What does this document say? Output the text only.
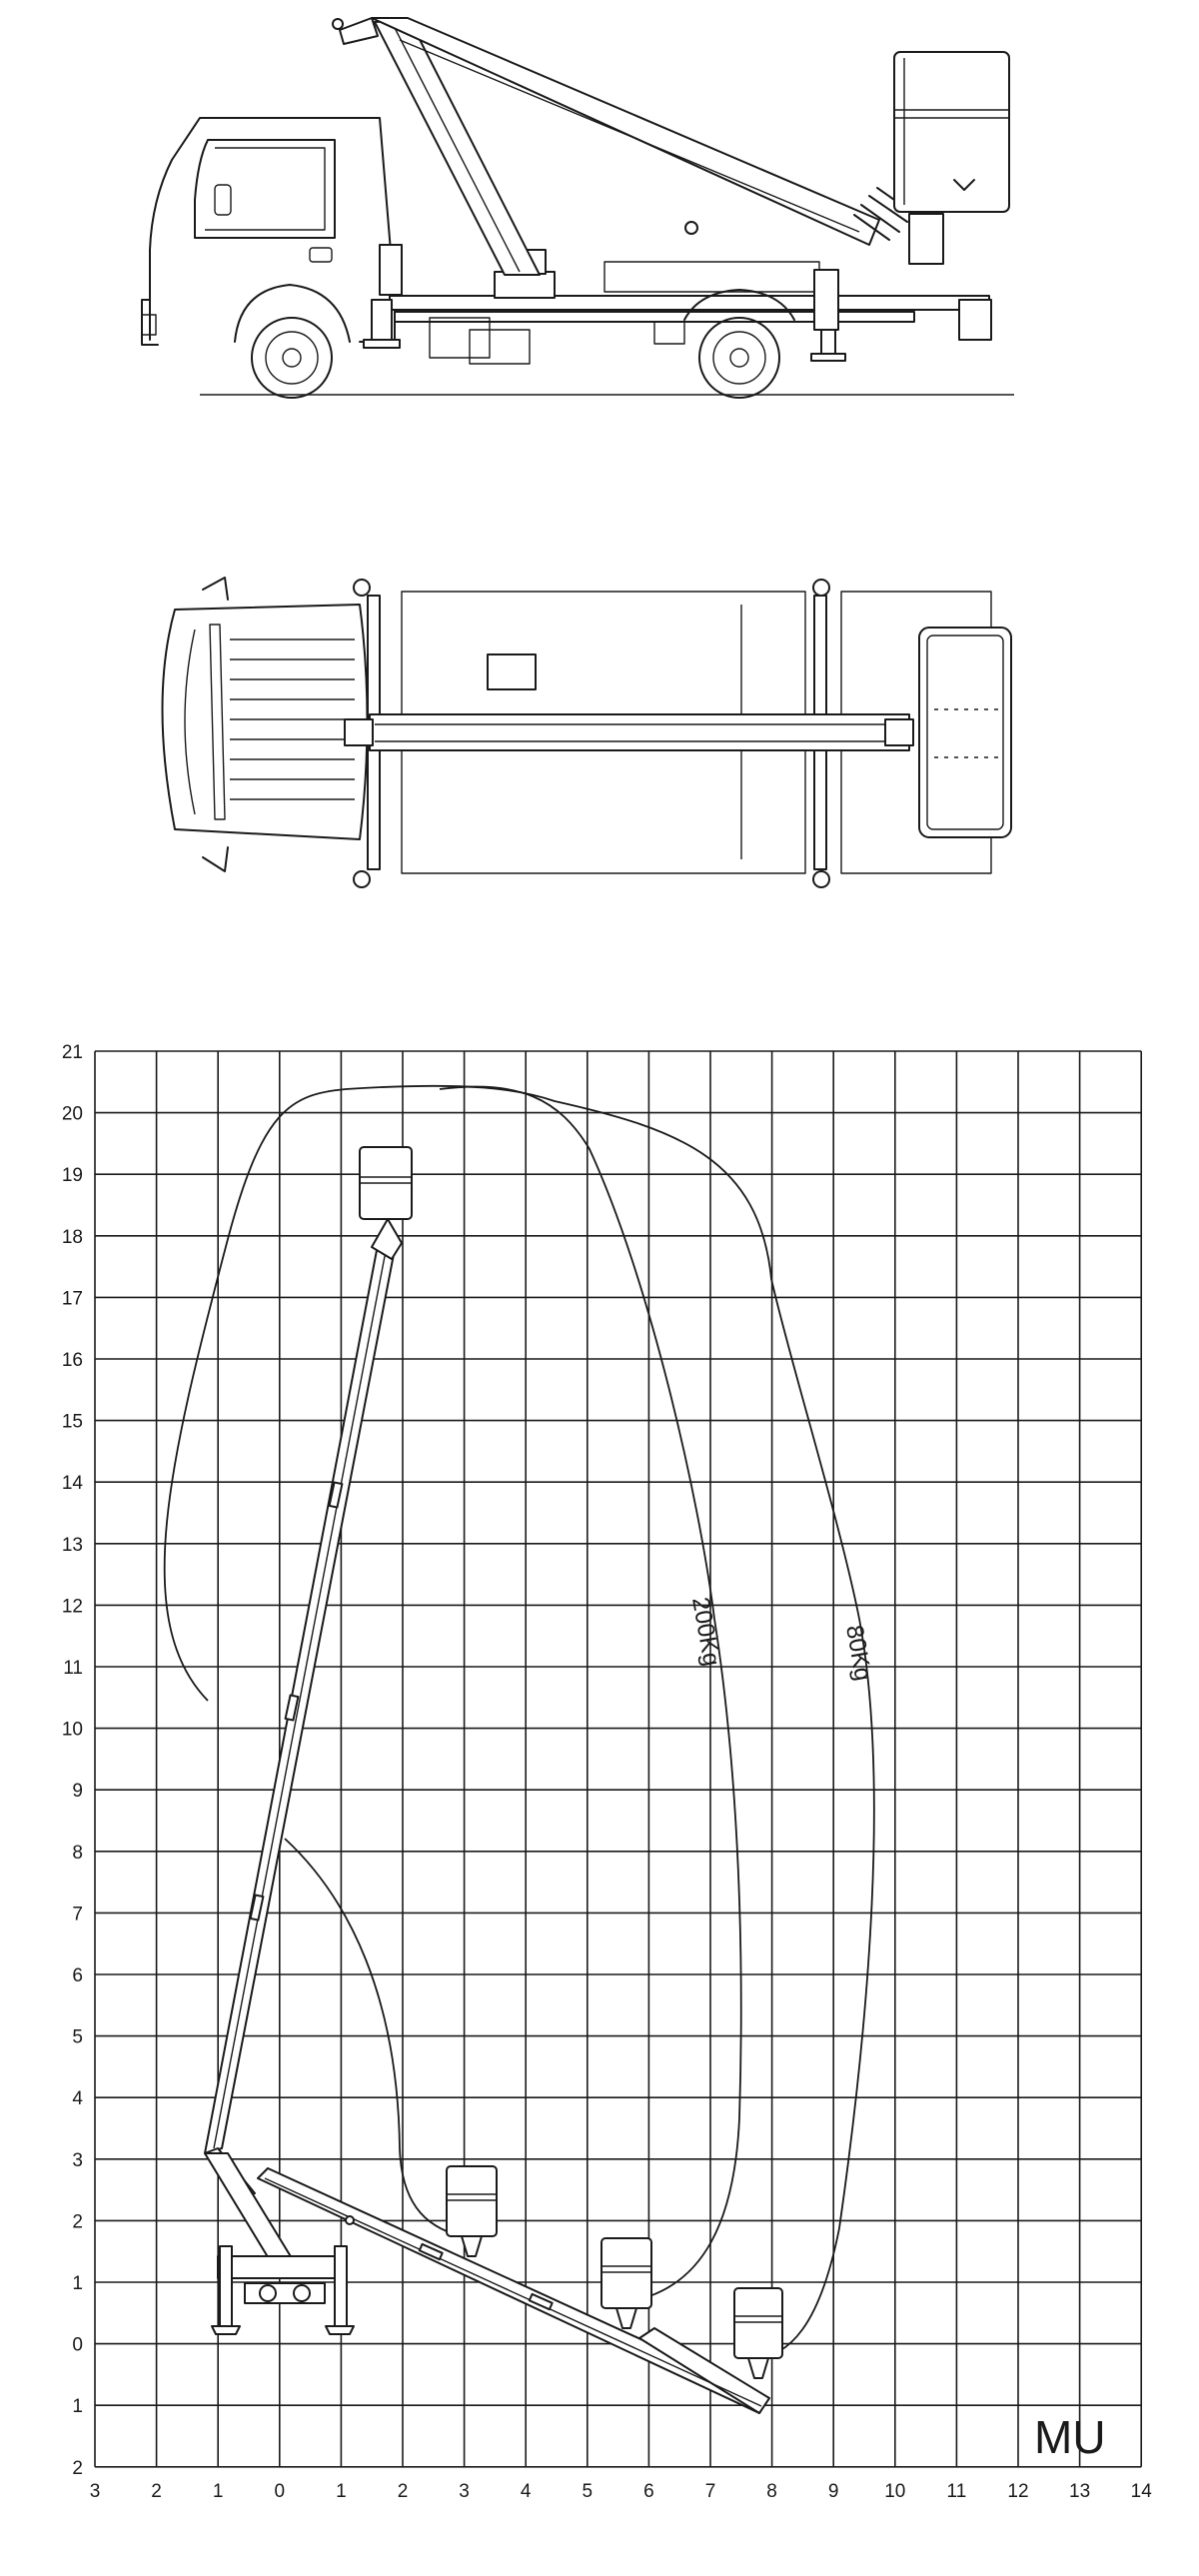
3	2	1	0	1	2	3	4	5	6	7	8	9 10 11 12 13 14
21
20
19
18
17
16
15
14
13
12
11
10
9
8
7
6
5
4
3
2
1
0
1
2
200Kg	80Kg
MU
